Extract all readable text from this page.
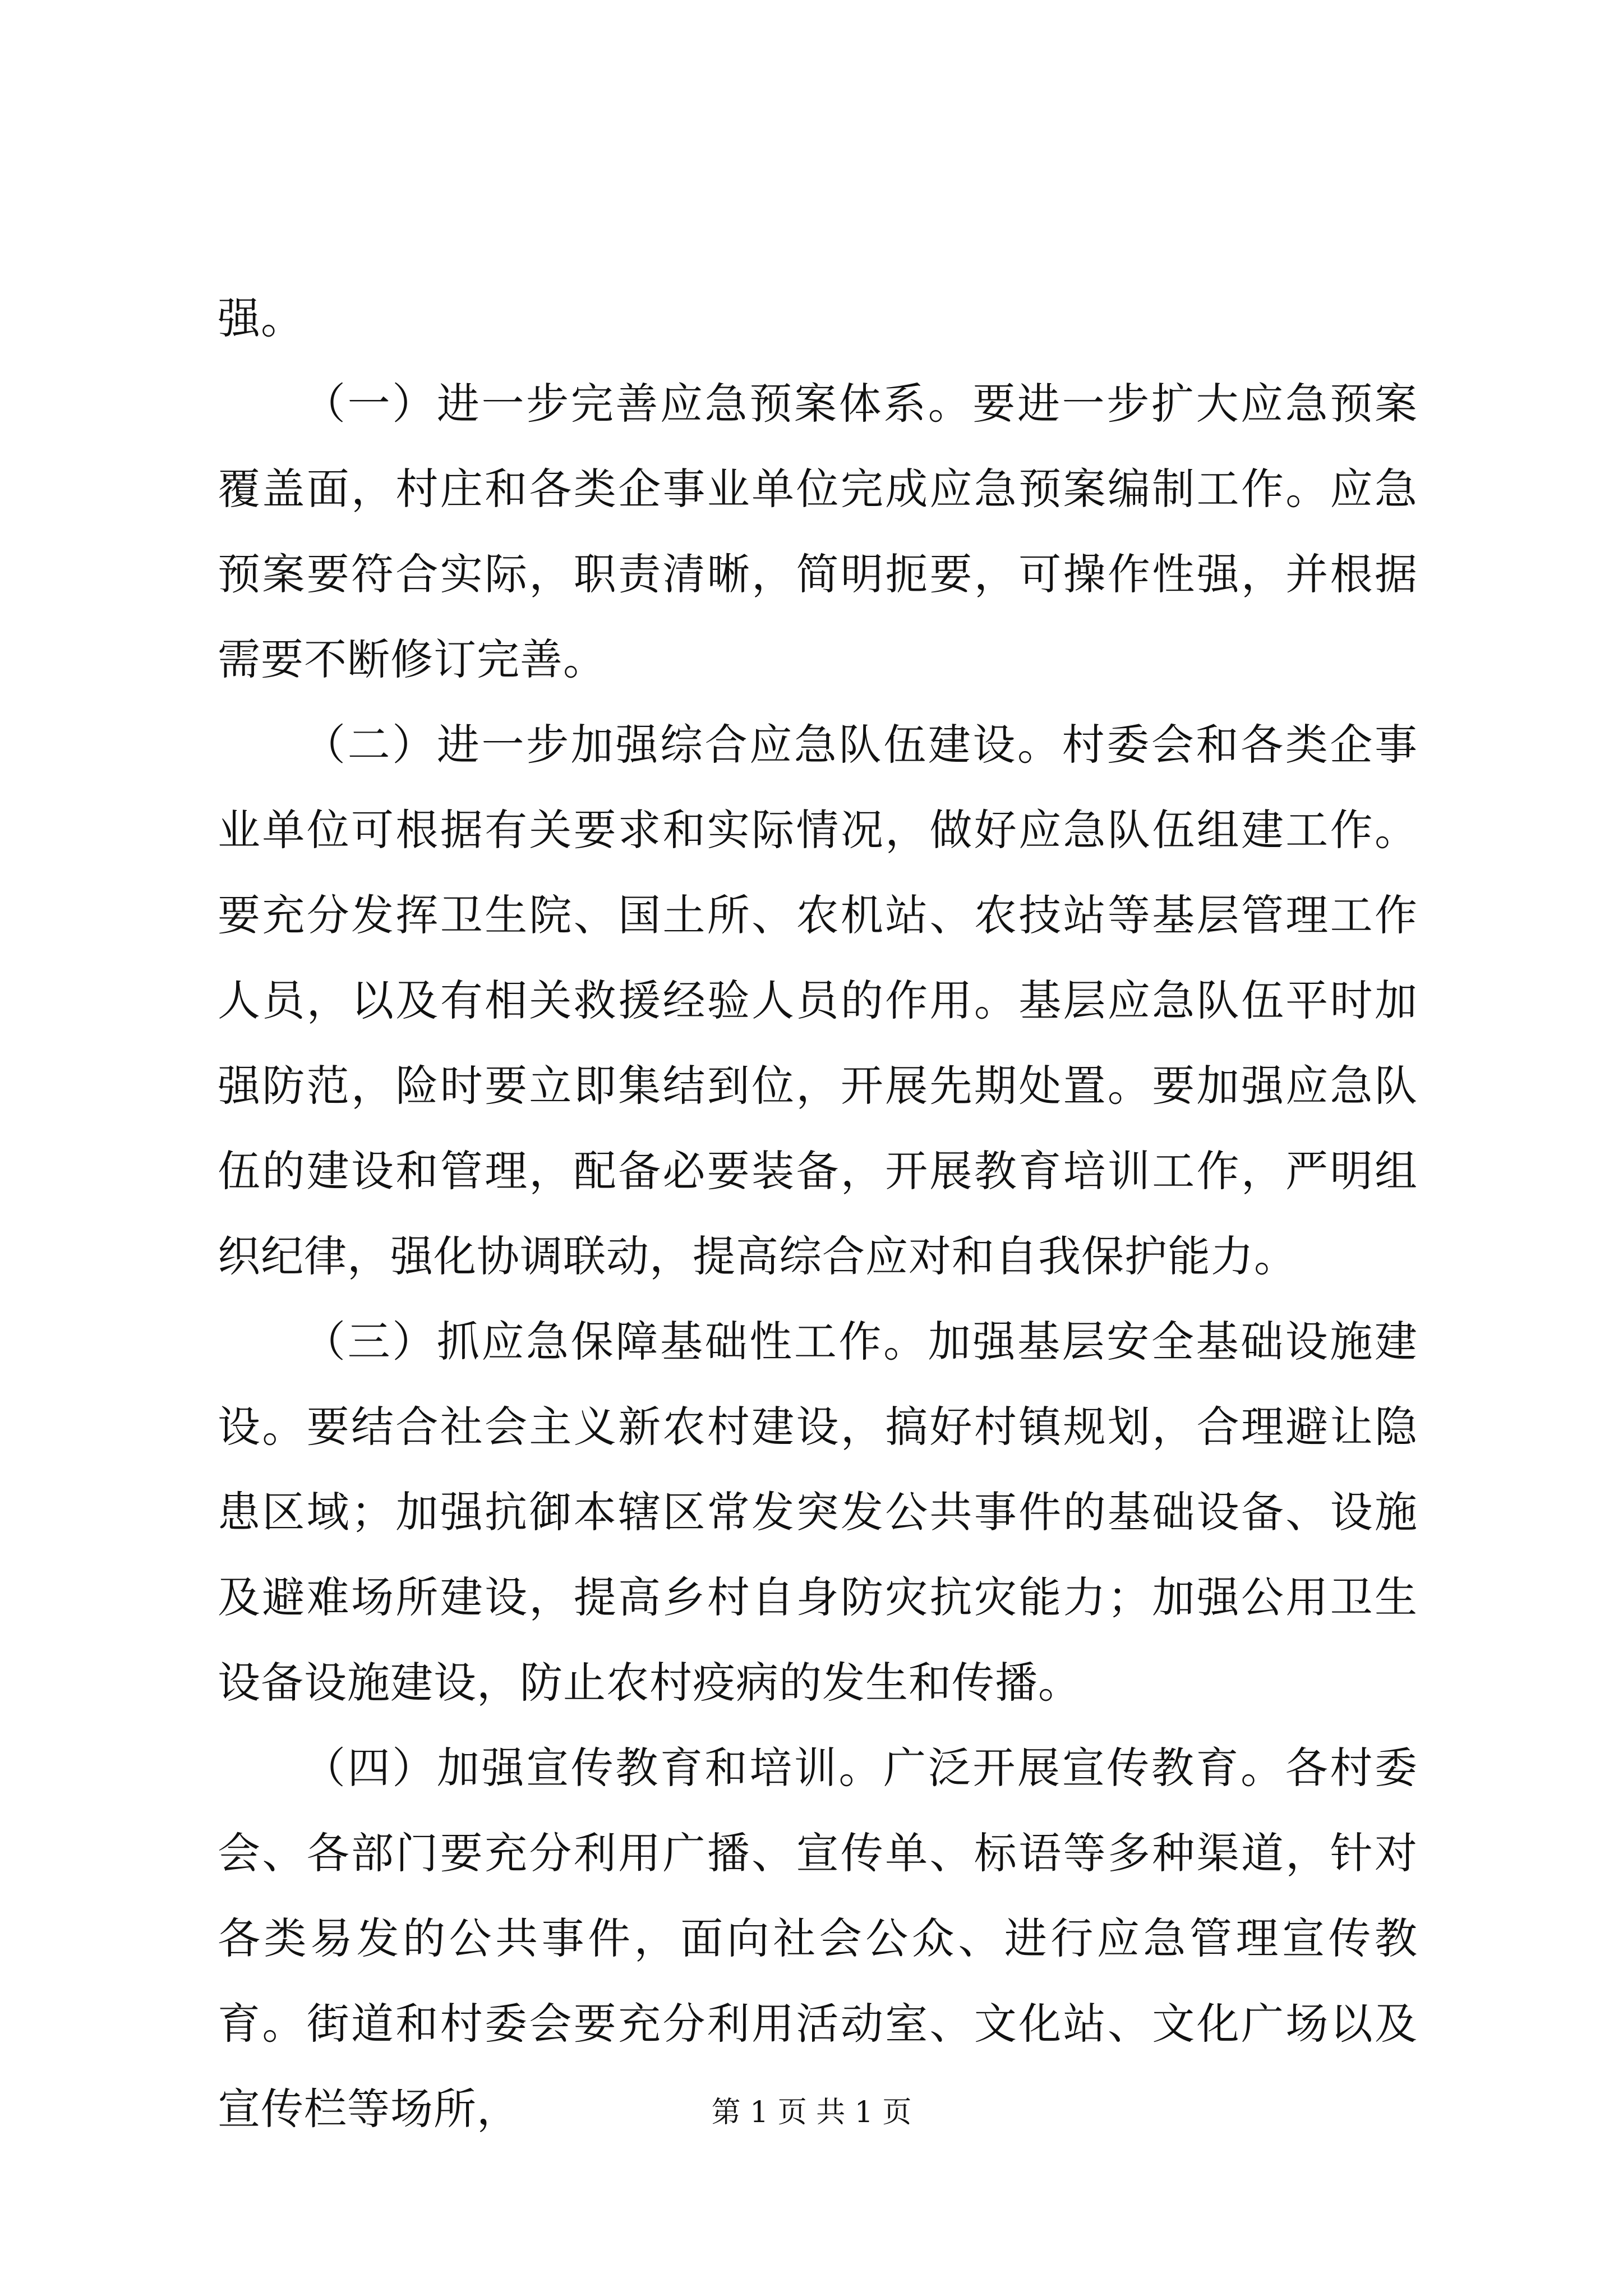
强。

（一）进一步完善应急预案体系。要进一步扩大应急预案覆盖面，村庄和各类企事业单位完成应急预案编制工作。应急预案要符合实际，职责清晰，简明扼要，可操作性强，并根据需要不断修订完善。

（二）进一步加强综合应急队伍建设。村委会和各类企事业单位可根据有关要求和实际情况，做好应急队伍组建工作。要充分发挥卫生院、国土所、农机站、农技站等基层管理工作人员，以及有相关救援经验人员的作用。基层应急队伍平时加强防范，险时要立即集结到位，开展先期处置。要加强应急队伍的建设和管理，配备必要装备，开展教育培训工作，严明组织纪律，强化协调联动，提高综合应对和自我保护能力。

（三）抓应急保障基础性工作。加强基层安全基础设施建设。要结合社会主义新农村建设，搞好村镇规划，合理避让隐患区域；加强抗御本辖区常发突发公共事件的基础设备、设施及避难场所建设，提高乡村自身防灾抗灾能力；加强公用卫生设备设施建设，防止农村疫病的发生和传播。

（四）加强宣传教育和培训。广泛开展宣传教育。各村委会、各部门要充分利用广播、宣传单、标语等多种渠道，针对各类易发的公共事件，面向社会公众、进行应急管理宣传教育。街道和村委会要充分利用活动室、文化站、文化广场以及宣传栏等场所，	第 1 页 共 1 页
